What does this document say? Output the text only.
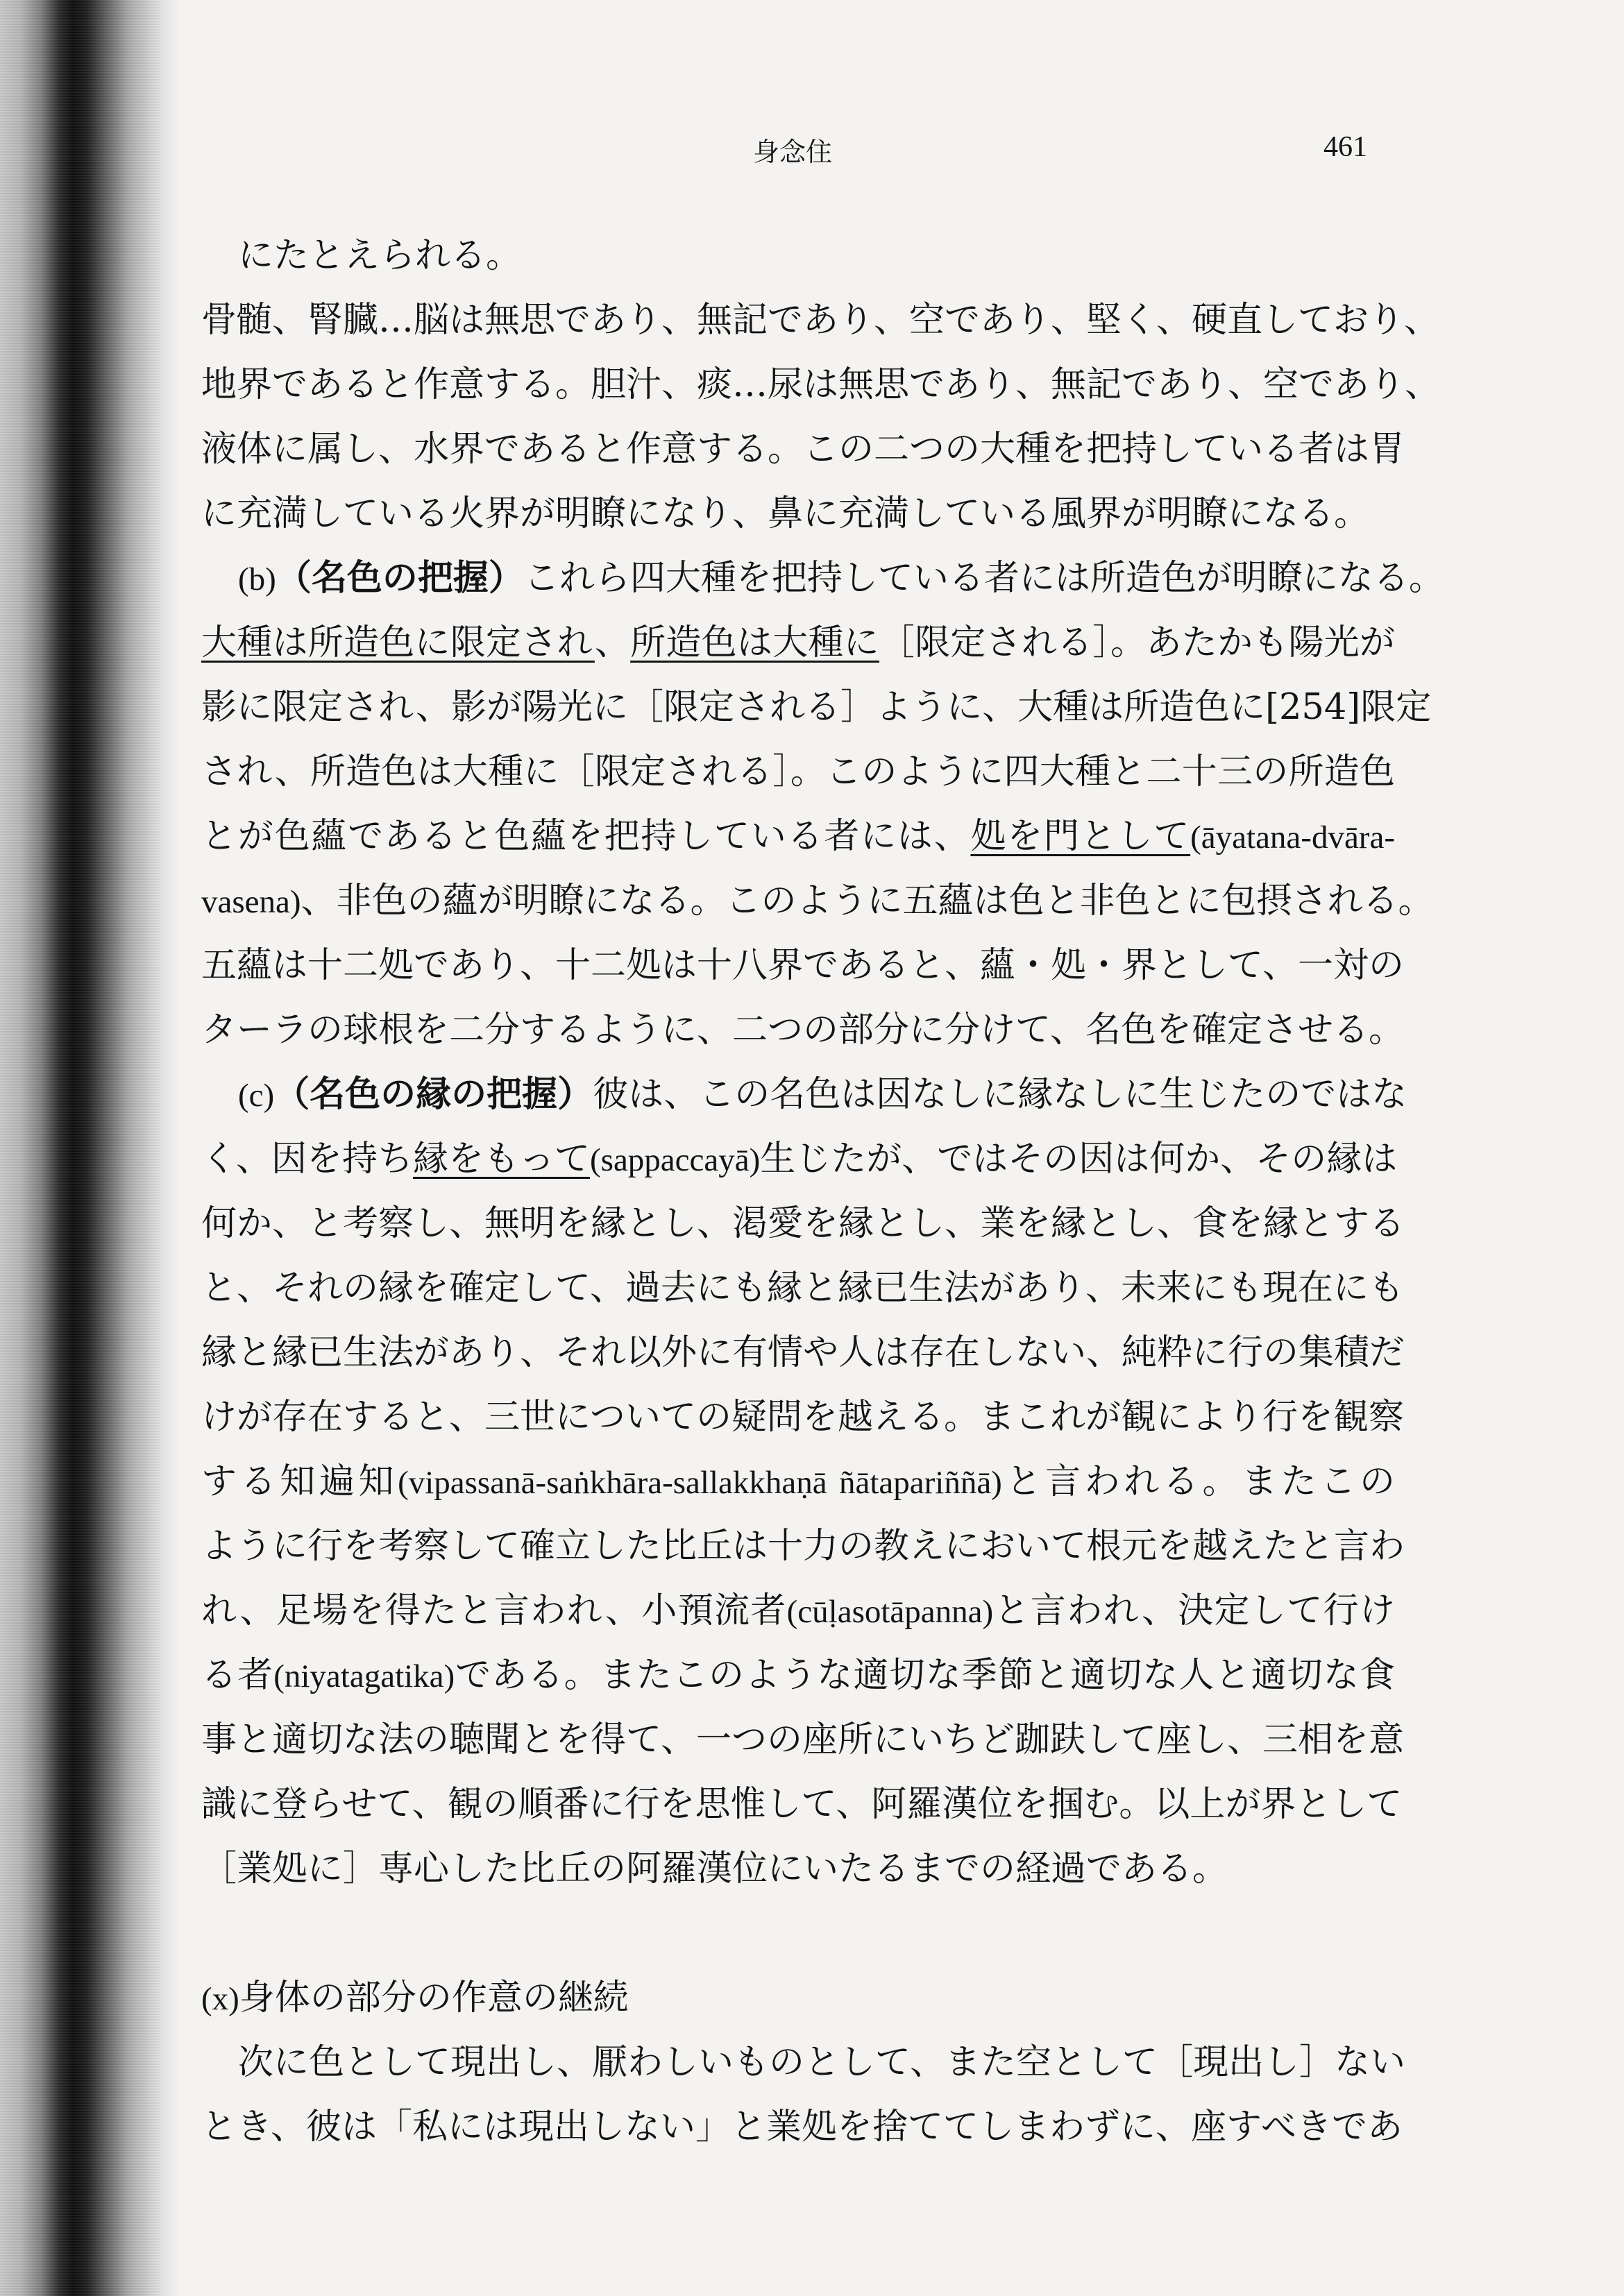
身念住	461
にたとえられる。
骨髄、腎臓…脳は無思であり、無記であり、空であり、堅く、硬直しており、
地界であると作意する。胆汁、痰…尿は無思であり、無記であり、空であり、
液体に属し、水界であると作意する。この二つの大種を把持している者は胃
に充満している火界が明瞭になり、鼻に充満している風界が明瞭になる。
(b)（名色の把握）これら四大種を把持している者には所造色が明瞭になる。
大種は所造色に限定され、所造色は大種に［限定される］。あたかも陽光が
影に限定され、影が陽光に［限定される］ように、大種は所造色に[254]限定
され、所造色は大種に［限定される］。このように四大種と二十三の所造色
とが色蘊であると色蘊を把持している者には、処を門として(āyatana-dvāra-
vasena)、非色の蘊が明瞭になる。このように五蘊は色と非色とに包摂される。
五蘊は十二処であり、十二処は十八界であると、蘊・処・界として、一対の
ターラの球根を二分するように、二つの部分に分けて、名色を確定させる。
(c)（名色の縁の把握）彼は、この名色は因なしに縁なしに生じたのではな
く、因を持ち縁をもって(sappaccayā)生じたが、ではその因は何か、その縁は
何か、と考察し、無明を縁とし、渇愛を縁とし、業を縁とし、食を縁とする
と、それの縁を確定して、過去にも縁と縁已生法があり、未来にも現在にも
縁と縁已生法があり、それ以外に有情や人は存在しない、純粋に行の集積だ
けが存在すると、三世についての疑問を越える。まこれが観により行を観察
する知遍知(vipassanā-saṅkhāra-sallakkhaṇā ñātapariññā)と言われる。またこの
ように行を考察して確立した比丘は十力の教えにおいて根元を越えたと言わ
れ、足場を得たと言われ、小預流者(cūḷasotāpanna)と言われ、決定して行け
る者(niyatagatika)である。またこのような適切な季節と適切な人と適切な食
事と適切な法の聴聞とを得て、一つの座所にいちど跏趺して座し、三相を意
識に登らせて、観の順番に行を思惟して、阿羅漢位を掴む。以上が界として
［業処に］専心した比丘の阿羅漢位にいたるまでの経過である。
(x)身体の部分の作意の継続
次に色として現出し、厭わしいものとして、また空として［現出し］ない
とき、彼は「私には現出しない」と業処を捨ててしまわずに、座すべきであ
